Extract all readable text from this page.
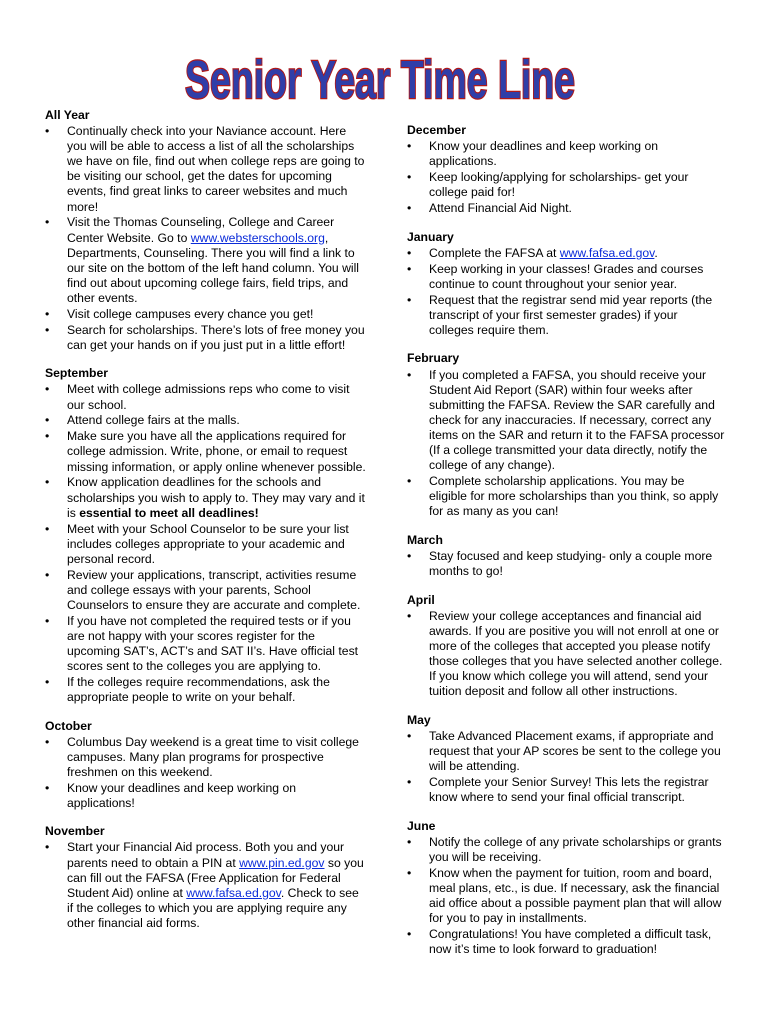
Senior Year Time Line
All Year
• Continually check into your Naviance account. Here you will be able to access a list of all the scholarships we have on file, find out when college reps are going to be visiting our school, get the dates for upcoming events, find great links to career websites and much more!
• Visit the Thomas Counseling, College and Career Center Website. Go to www.websterschools.org, Departments, Counseling. There you will find a link to our site on the bottom of the left hand column. You will find out about upcoming college fairs, field trips, and other events.
• Visit college campuses every chance you get!
• Search for scholarships. There’s lots of free money you can get your hands on if you just put in a little effort!
September
• Meet with college admissions reps who come to visit our school.
• Attend college fairs at the malls.
• Make sure you have all the applications required for college admission. Write, phone, or email to request missing information, or apply online whenever possible.
• Know application deadlines for the schools and scholarships you wish to apply to. They may vary and it is essential to meet all deadlines!
• Meet with your School Counselor to be sure your list includes colleges appropriate to your academic and personal record.
• Review your applications, transcript, activities resume and college essays with your parents, School Counselors to ensure they are accurate and complete.
• If you have not completed the required tests or if you are not happy with your scores register for the upcoming SAT’s, ACT’s and SAT II’s. Have official test scores sent to the colleges you are applying to.
• If the colleges require recommendations, ask the appropriate people to write on your behalf.
October
• Columbus Day weekend is a great time to visit college campuses. Many plan programs for prospective freshmen on this weekend.
• Know your deadlines and keep working on applications!
November
• Start your Financial Aid process. Both you and your parents need to obtain a PIN at www.pin.ed.gov so you can fill out the FAFSA (Free Application for Federal Student Aid) online at www.fafsa.ed.gov. Check to see if the colleges to which you are applying require any other financial aid forms.
December
• Know your deadlines and keep working on applications.
• Keep looking/applying for scholarships- get your college paid for!
• Attend Financial Aid Night.
January
• Complete the FAFSA at www.fafsa.ed.gov.
• Keep working in your classes! Grades and courses continue to count throughout your senior year.
• Request that the registrar send mid year reports (the transcript of your first semester grades) if your colleges require them.
February
• If you completed a FAFSA, you should receive your Student Aid Report (SAR) within four weeks after submitting the FAFSA. Review the SAR carefully and check for any inaccuracies. If necessary, correct any items on the SAR and return it to the FAFSA processor (If a college transmitted your data directly, notify the college of any change).
• Complete scholarship applications. You may be eligible for more scholarships than you think, so apply for as many as you can!
March
• Stay focused and keep studying- only a couple more months to go!
April
• Review your college acceptances and financial aid awards. If you are positive you will not enroll at one or more of the colleges that accepted you please notify those colleges that you have selected another college. If you know which college you will attend, send your tuition deposit and follow all other instructions.
May
• Take Advanced Placement exams, if appropriate and request that your AP scores be sent to the college you will be attending.
• Complete your Senior Survey! This lets the registrar know where to send your final official transcript.
June
• Notify the college of any private scholarships or grants you will be receiving.
• Know when the payment for tuition, room and board, meal plans, etc., is due. If necessary, ask the financial aid office about a possible payment plan that will allow for you to pay in installments.
• Congratulations! You have completed a difficult task, now it’s time to look forward to graduation!
